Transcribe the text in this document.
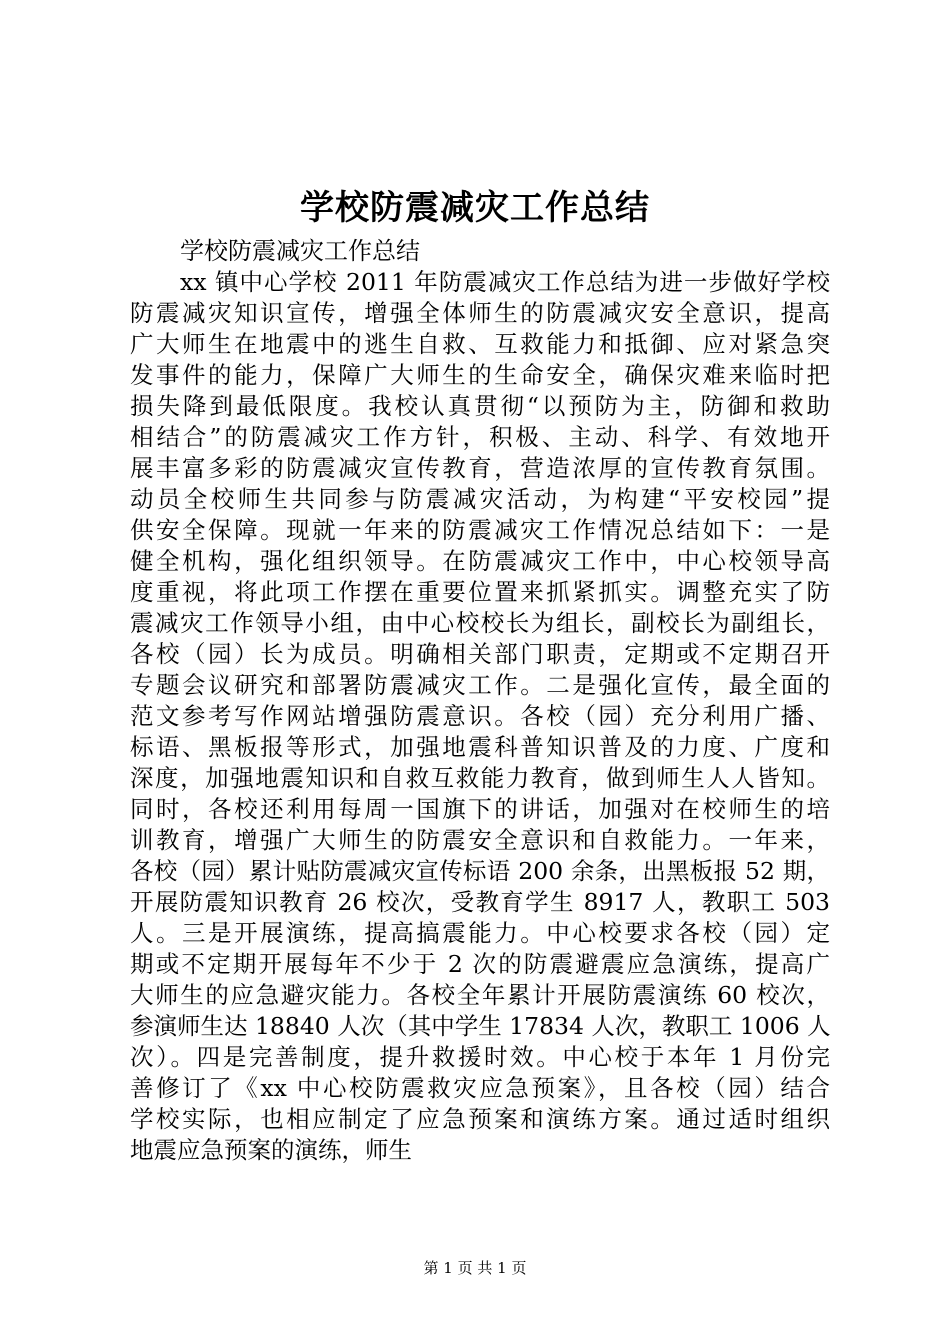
学校防震减灾工作总结
学校防震减灾工作总结
xx 镇中心学校 2011 年防震减灾工作总结为进一步做好学校
防震减灾知识宣传，增强全体师生的防震减灾安全意识，提高
广大师生在地震中的逃生自救、互救能力和抵御、应对紧急突
发事件的能力，保障广大师生的生命安全，确保灾难来临时把
损失降到最低限度。我校认真贯彻“以预防为主，防御和救助
相结合”的防震减灾工作方针，积极、主动、科学、有效地开
展丰富多彩的防震减灾宣传教育，营造浓厚的宣传教育氛围。
动员全校师生共同参与防震减灾活动，为构建“平安校园”提
供安全保障。现就一年来的防震减灾工作情况总结如下：一是
健全机构，强化组织领导。在防震减灾工作中，中心校领导高
度重视，将此项工作摆在重要位置来抓紧抓实。调整充实了防
震减灾工作领导小组，由中心校校长为组长，副校长为副组长，
各校（园）长为成员。明确相关部门职责，定期或不定期召开
专题会议研究和部署防震减灾工作。二是强化宣传，最全面的
范文参考写作网站增强防震意识。各校（园）充分利用广播、
标语、黑板报等形式，加强地震科普知识普及的力度、广度和
深度，加强地震知识和自救互救能力教育，做到师生人人皆知。
同时，各校还利用每周一国旗下的讲话，加强对在校师生的培
训教育，增强广大师生的防震安全意识和自救能力。一年来，
各校（园）累计贴防震减灾宣传标语 200 余条，出黑板报 52 期，
开展防震知识教育 26 校次，受教育学生 8917 人，教职工 503
人。三是开展演练，提高搞震能力。中心校要求各校（园）定
期或不定期开展每年不少于 2 次的防震避震应急演练，提高广
大师生的应急避灾能力。各校全年累计开展防震演练 60 校次，
参演师生达 18840 人次（其中学生 17834 人次，教职工 1006 人
次）。四是完善制度，提升救援时效。中心校于本年 1 月份完
善修订了《xx 中心校防震救灾应急预案》，且各校（园）结合
学校实际，也相应制定了应急预案和演练方案。通过适时组织
地震应急预案的演练，师生
第 1 页 共 1 页
